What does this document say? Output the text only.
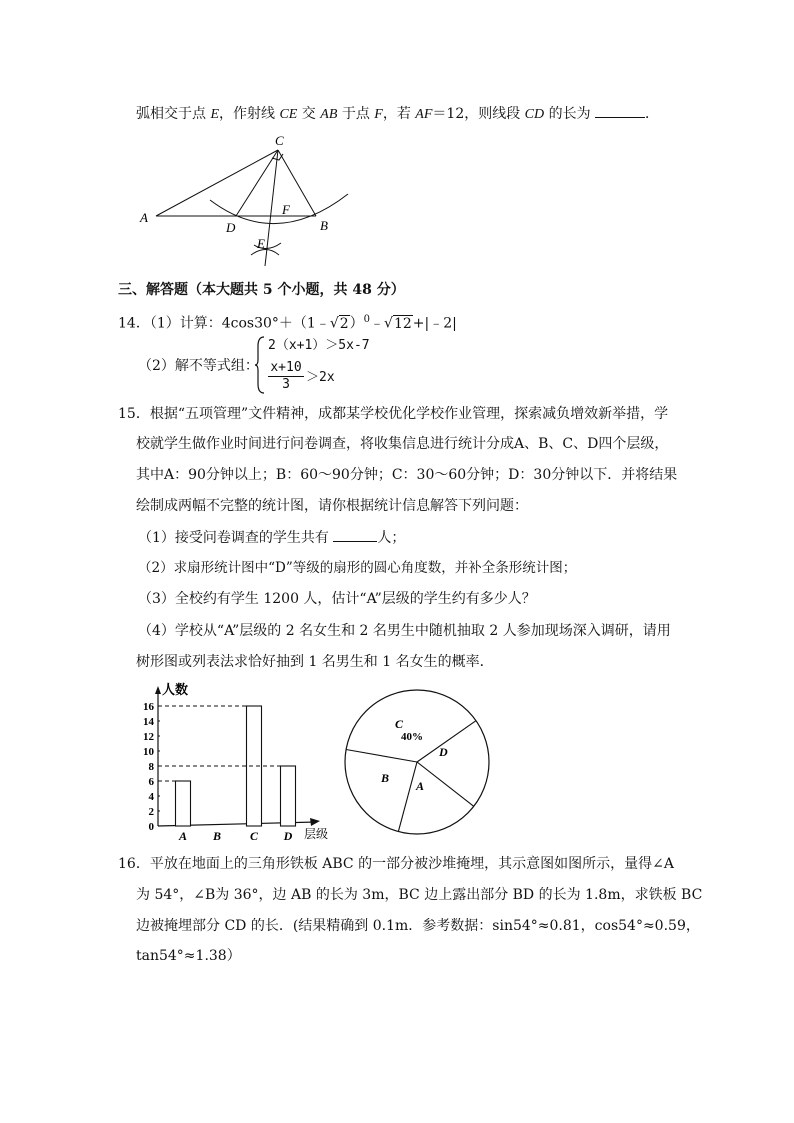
弧相交于点 E，作射线 CE 交 AB 于点 F，若 AF＝12，则线段 CD 的长为	．
C
A
D
F
B
E
三、解答题（本大题共 5 个小题，共 48 分）
14．（1）计算：4cos30°＋（1﹣√2）$^0$﹣√12+|﹣2|
（2）解不等式组：
2（x+1）＞5x-7
$\frac{x+10}{3} >2x$
15．根据“五项管理”文件精神，成都某学校优化学校作业管理，探索减负增效新举措，学
校就学生做作业时间进行问卷调查，将收集信息进行统计分成A、B、C、D四个层级，
其中A：90分钟以上；B：60～90分钟；C：30～60分钟；D：30分钟以下．并将结果
绘制成两幅不完整的统计图，请你根据统计信息解答下列问题：
（1）接受问卷调查的学生共有	人；
（2）求扇形统计图中“D”等级的扇形的圆心角度数，并补全条形统计图；
（3）全校约有学生 1200 人，估计“A”层级的学生约有多少人？
（4）学校从“A”层级的 2 名女生和 2 名男生中随机抽取 2 人参加现场深入调研，请用
树形图或列表法求恰好抽到 1 名男生和 1 名女生的概率．
人数
层级
0
2
4
6
8
10
12
14
16
A B C D
C
40%
D
A
B
16．平放在地面上的三角形铁板 ABC 的一部分被沙堆掩埋，其示意图如图所示，量得∠A
为 54°，∠B为 36°，边 AB 的长为 3m，BC 边上露出部分 BD 的长为 1.8m，求铁板 BC
边被掩埋部分 CD 的长．(结果精确到 0.1m．参考数据：sin54°≈0.81，cos54°≈0.59，
tan54°≈1.38）
